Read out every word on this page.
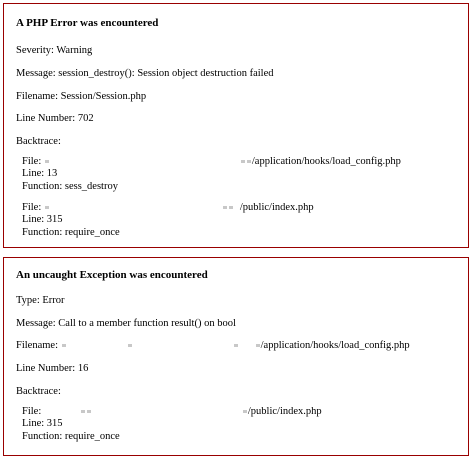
A PHP Error was encountered
Severity: Warning
Message: session_destroy(): Session object destruction failed
Filename: Session/Session.php
Line Number: 702
Backtrace:
File:	/application/hooks/load_config.php
Line: 13
Function: sess_destroy
File:	/public/index.php
Line: 315
Function: require_once
An uncaught Exception was encountered
Type: Error
Message: Call to a member function result() on bool
Filename:	/application/hooks/load_config.php
Line Number: 16
Backtrace:
File:	/public/index.php
Line: 315
Function: require_once
